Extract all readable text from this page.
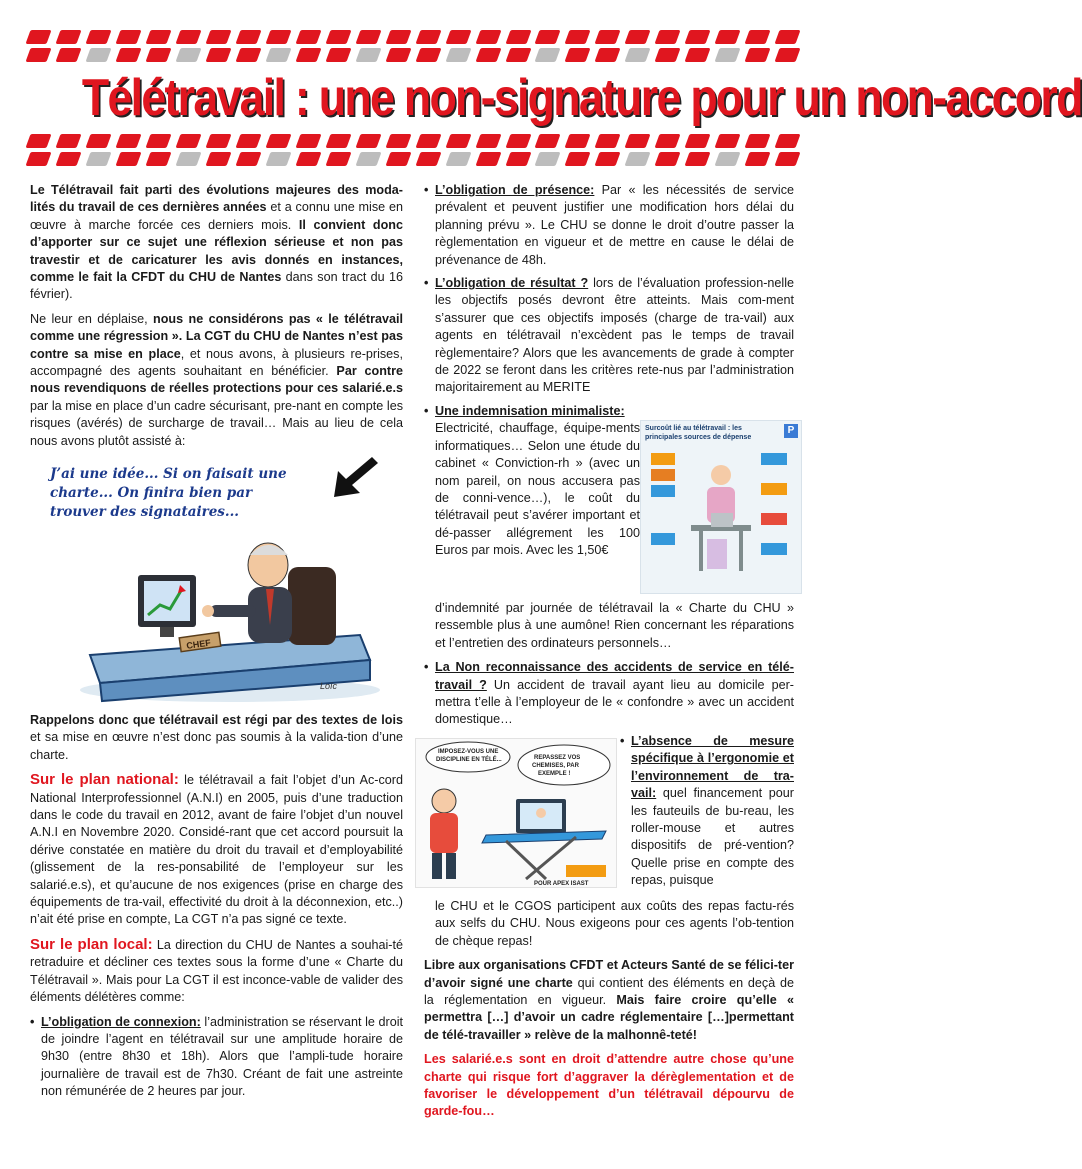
Télétravail : une non-signature pour un non-accord

Le Télétravail fait parti des évolutions majeures des moda-lités du travail de ces dernières années et a connu une mise en œuvre à marche forcée ces derniers mois. Il convient donc d’apporter sur ce sujet une réflexion sérieuse et non pas travestir et de caricaturer les avis donnés en instances, comme le fait la CFDT du CHU de Nantes dans son tract du 16 février).

Ne leur en déplaise, nous ne considérons pas « le télétravail comme une régression ». La CGT du CHU de Nantes n’est pas contre sa mise en place, et nous avons, à plusieurs re-prises, accompagné des agents souhaitant en bénéficier. Par contre nous revendiquons de réelles protections pour ces salarié.e.s par la mise en place d’un cadre sécurisant, pre-nant en compte les risques (avérés) de surcharge de travail… Mais au lieu de cela nous avons plutôt assisté à:

J’ai une idée... Si on faisait une charte... On finira bien par trouver des signataires...
CHEF
Loïc

Rappelons donc que télétravail est régi par des textes de lois et sa mise en œuvre n’est donc pas soumis à la valida-tion d’une charte.

Sur le plan national: le télétravail a fait l’objet d’un Ac-cord National Interprofessionnel (A.N.I) en 2005, puis d’une traduction dans le code du travail en 2012, avant de faire l’objet d’un nouvel A.N.I en Novembre 2020. Considé-rant que cet accord poursuit la dérive constatée en matière du droit du travail et d’employabilité (glissement de la res-ponsabilité de l’employeur sur les salarié.e.s), et qu’aucune de nos exigences (prise en charge des équipements de tra-vail, effectivité du droit à la déconnexion, etc..) n’ait été prise en compte, La CGT n’a pas signé ce texte.

Sur le plan local: La direction du CHU de Nantes a souhai-té retraduire et décliner ces textes sous la forme d’une « Charte du Télétravail ». Mais pour La CGT il est inconce-vable de valider des éléments délétères comme:

• L’obligation de connexion: l’administration se réservant le droit de joindre l’agent en télétravail sur une amplitude horaire de 9h30 (entre 8h30 et 18h). Alors que l’ampli-tude horaire journalière de travail est de 7h30. Créant de fait une astreinte non rémunérée de 2 heures par jour.
• L’obligation de présence: Par « les nécessités de service prévalent et peuvent justifier une modification hors délai du planning prévu ». Le CHU se donne le droit d’outre passer la règlementation en vigueur et de mettre en cause le délai de prévenance de 48h.
• L’obligation de résultat ? lors de l’évaluation profession-nelle les objectifs posés devront être atteints. Mais com-ment s’assurer que ces objectifs imposés (charge de tra-vail) aux agents en télétravail n’excèdent pas le temps de travail règlementaire? Alors que les avancements de grade à compter de 2022 se feront dans les critères rete-nus par l’administration majoritairement au MERITE
• Une indemnisation minimaliste:
Electricité, chauffage, équipe-ments informatiques… Selon une étude du cabinet « Conviction-rh » (avec un nom pareil, on nous accusera pas de conni-vence…), le coût du télétravail peut s’avérer important et dé-passer allégrement les 100 Euros par mois. Avec les 1,50€
Surcoût lié au télétravail : les principales sources de dépense
P

d’indemnité par journée de télétravail la « Charte du CHU » ressemble plus à une aumône! Rien concernant les réparations et l’entretien des ordinateurs personnels…

• La Non reconnaissance des accidents de service en télé-travail ? Un accident de travail ayant lieu au domicile per-mettra t’elle à l’employeur de le « confondre » avec un accident domestique…
IMPOSEZ-VOUS UNE
DISCIPLINE EN TÉLÉ...	REPASSEZ VOS
CHEMISES, PAR
EXEMPLE !
POUR APEX ISAST
• L’absence de mesure spécifique à l’ergonomie et l’environnement de tra-vail: quel financement pour les fauteuils de bu-reau, les roller-mouse et autres dispositifs de pré-vention? Quelle prise en compte des repas, puisque

le CHU et le CGOS participent aux coûts des repas factu-rés aux selfs du CHU. Nous exigeons pour ces agents l’ob-tention de chèque repas!

Libre aux organisations CFDT et Acteurs Santé de se félici-ter d’avoir signé une charte qui contient des éléments en deçà de la réglementation en vigueur. Mais faire croire qu’elle « permettra […] d’avoir un cadre réglementaire […]permettant de télé-travailler » relève de la malhonnê-teté!

Les salarié.e.s sont en droit d’attendre autre chose qu’une charte qui risque fort d’aggraver la dérèglementation et de favoriser le développement d’un télétravail dépourvu de garde-fou…
